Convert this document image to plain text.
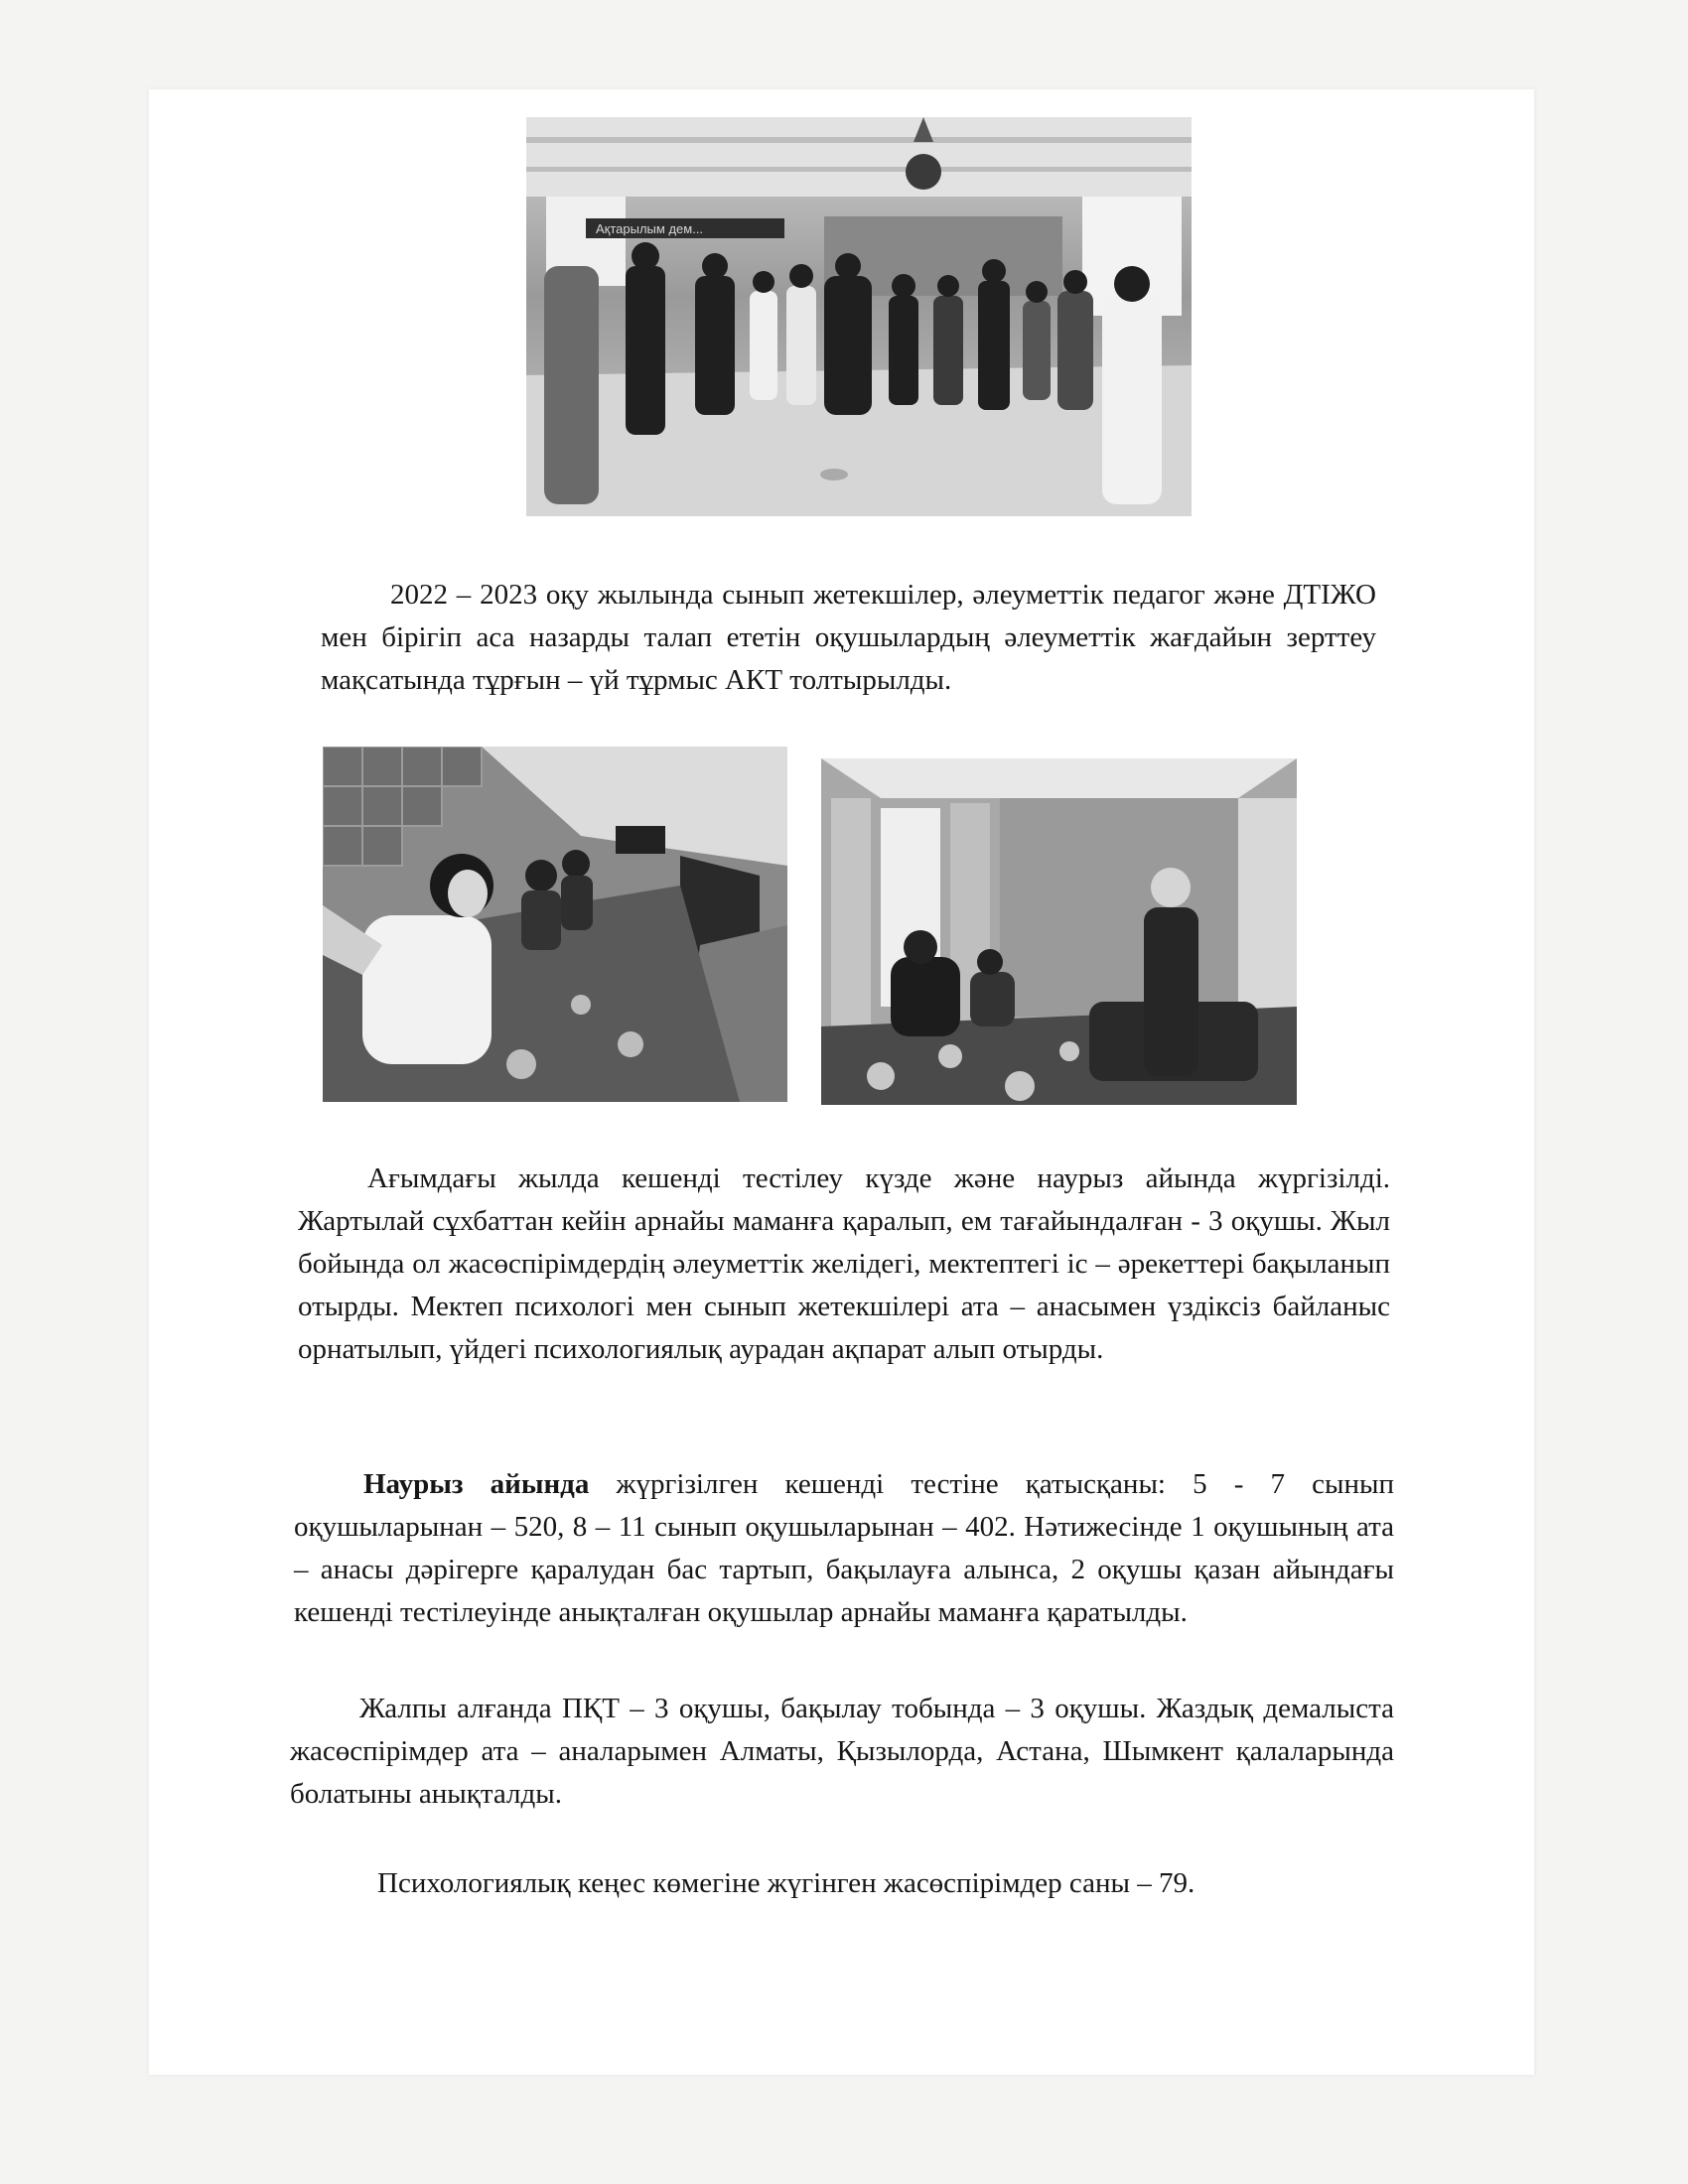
Ақтарылым дем...

2022 – 2023 оқу жылында сынып жетекшілер, әлеуметтік педагог және ДТІЖО мен бірігіп аса назарды талап ететін оқушылардың әлеуметтік жағдайын зерттеу мақсатында тұрғын – үй тұрмыс АКТ толтырылды.

Ағымдағы жылда кешенді тестілеу күзде және наурыз айында жүргізілді. Жартылай сұхбаттан кейін арнайы маманға қаралып, ем тағайындалған - 3 оқушы. Жыл бойында ол жасөспірімдердің әлеуметтік желідегі, мектептегі іс – әрекеттері бақыланып отырды. Мектеп психологі мен сынып жетекшілері ата – анасымен үздіксіз байланыс орнатылып, үйдегі психологиялық аурадан ақпарат алып отырды.

Наурыз айында жүргізілген кешенді тестіне қатысқаны: 5 - 7 сынып оқушыларынан – 520, 8 – 11 сынып оқушыларынан – 402. Нәтижесінде 1 оқушының ата – анасы дәрігерге қаралудан бас тартып, бақылауға алынса, 2 оқушы қазан айындағы кешенді тестілеуінде анықталған оқушылар арнайы маманға қаратылды.

Жалпы алғанда ПҚТ – 3 оқушы, бақылау тобында – 3 оқушы. Жаздық демалыста жасөспірімдер ата – аналарымен Алматы, Қызылорда, Астана, Шымкент қалаларында болатыны анықталды.

Психологиялық кеңес көмегіне жүгінген жасөспірімдер саны – 79.
